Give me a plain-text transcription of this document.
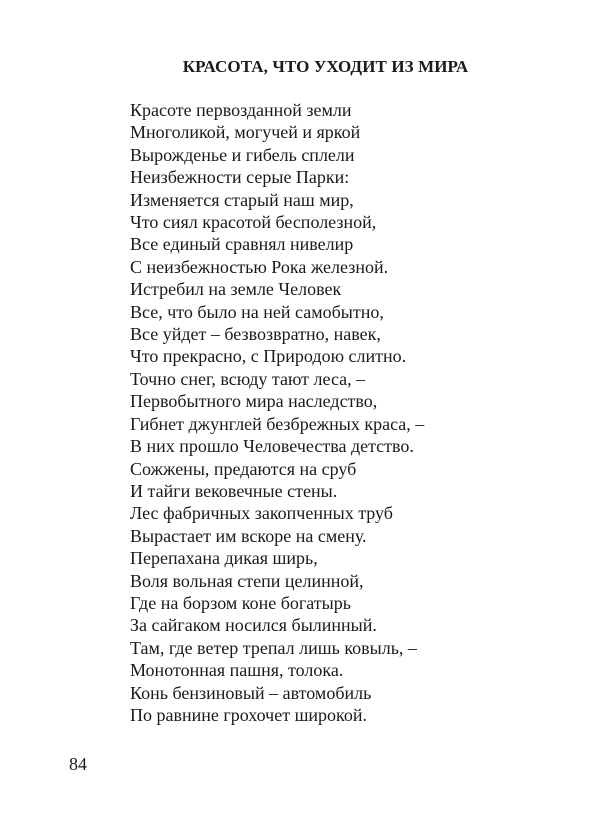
КРАСОТА, ЧТО УХОДИТ ИЗ МИРА
Красоте первозданной земли
Многоликой, могучей и яркой
Вырожденье и гибель сплели
Неизбежности серые Парки:
Изменяется старый наш мир,
Что сиял красотой бесполезной,
Все единый сравнял нивелир
С неизбежностью Рока железной.
Истребил на земле Человек
Все, что было на ней самобытно,
Все уйдет – безвозвратно, навек,
Что прекрасно, с Природою слитно.
Точно снег, всюду тают леса, –
Первобытного мира наследство,
Гибнет джунглей безбрежных краса, –
В них прошло Человечества детство.
Сожжены, предаются на сруб
И тайги вековечные стены.
Лес фабричных закопченных труб
Вырастает им вскоре на смену.
Перепахана дикая ширь,
Воля вольная степи целинной,
Где на борзом коне богатырь
За сайгаком носился былинный.
Там, где ветер трепал лишь ковыль, –
Монотонная пашня, толока.
Конь бензиновый – автомобиль
По равнине грохочет широкой.
84
